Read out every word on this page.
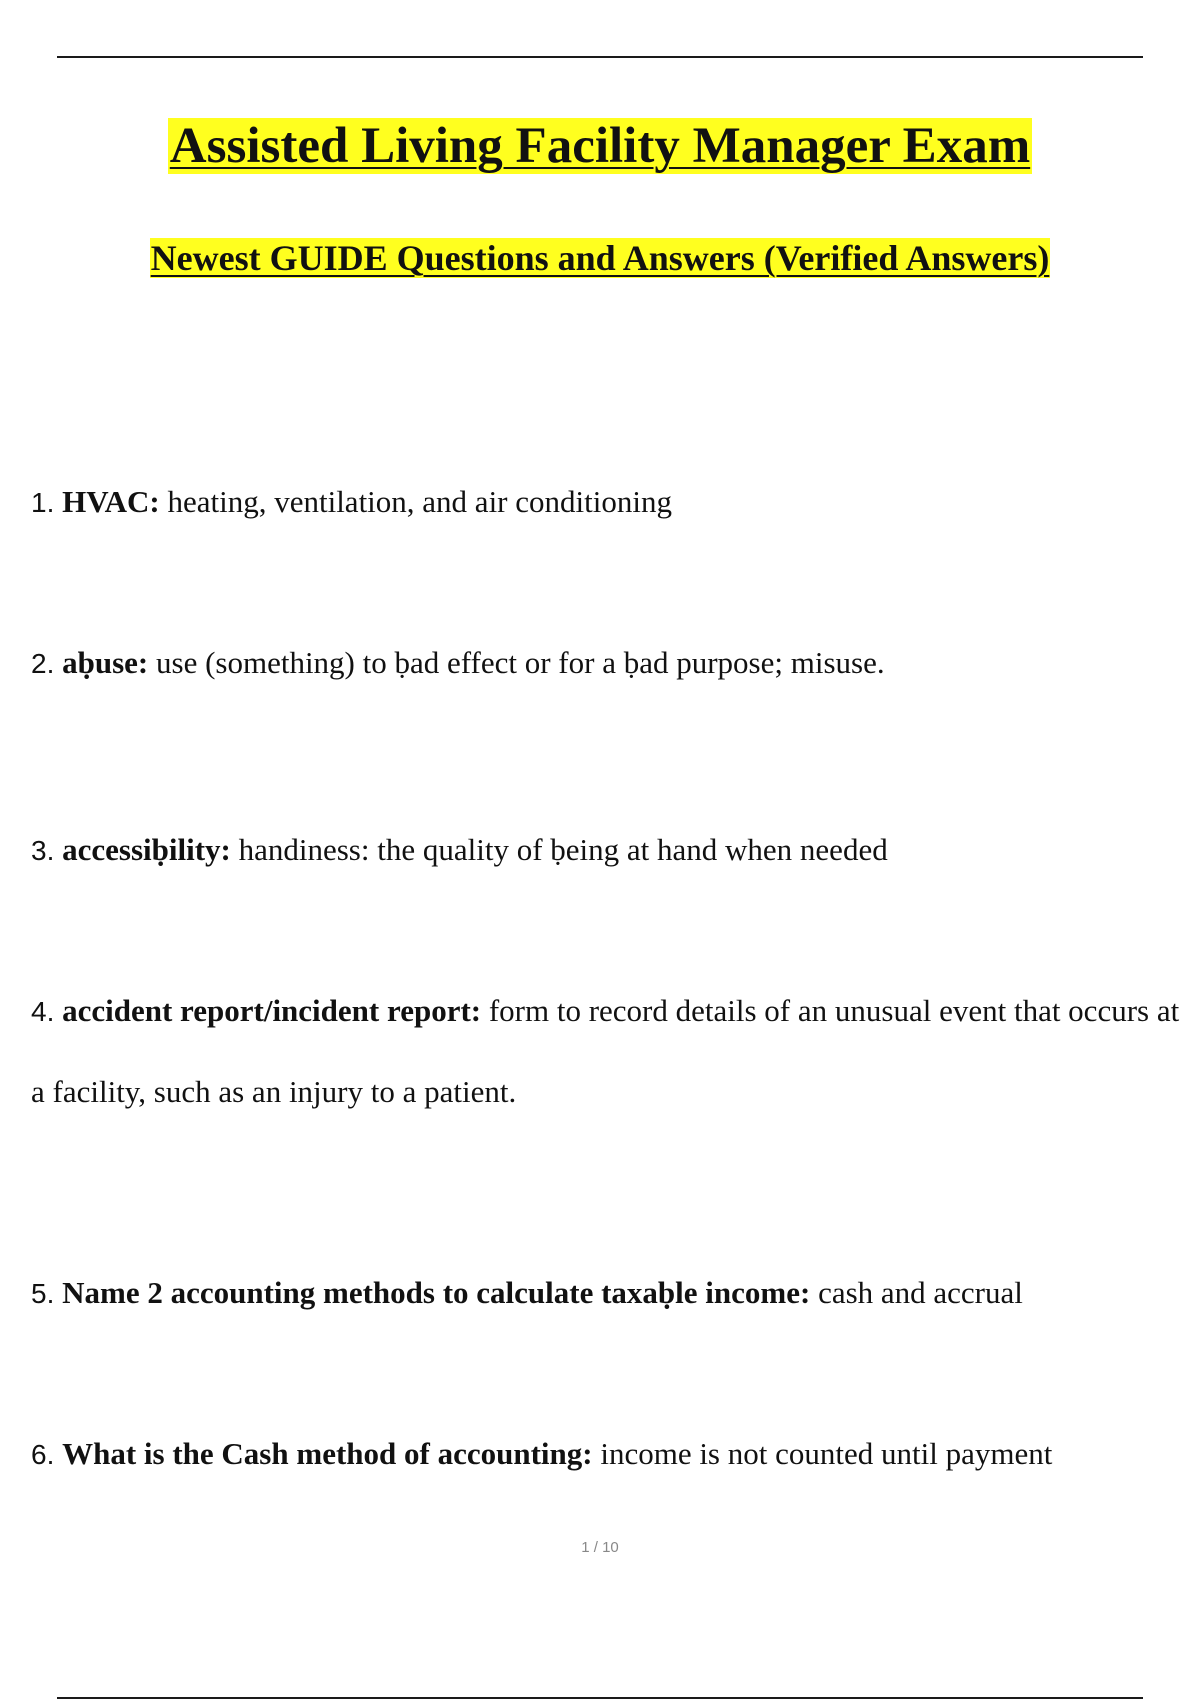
Assisted Living Facility Manager Exam
Newest GUIDE Questions and Answers (Verified Answers)
1. HVAC: heating, ventilation, and air conditioning
2. aḅuse: use (something) to ḅad effect or for a ḅad purpose; misuse.
3. accessiḅility: handiness: the quality of ḅeing at hand when needed
4. accident report/incident report: form to record details of an unusual event that occurs at a facility, such as an injury to a patient.
5. Name 2 accounting methods to calculate taxaḅle income: cash and accrual
6. What is the Cash method of accounting: income is not counted until payment
1 / 10
